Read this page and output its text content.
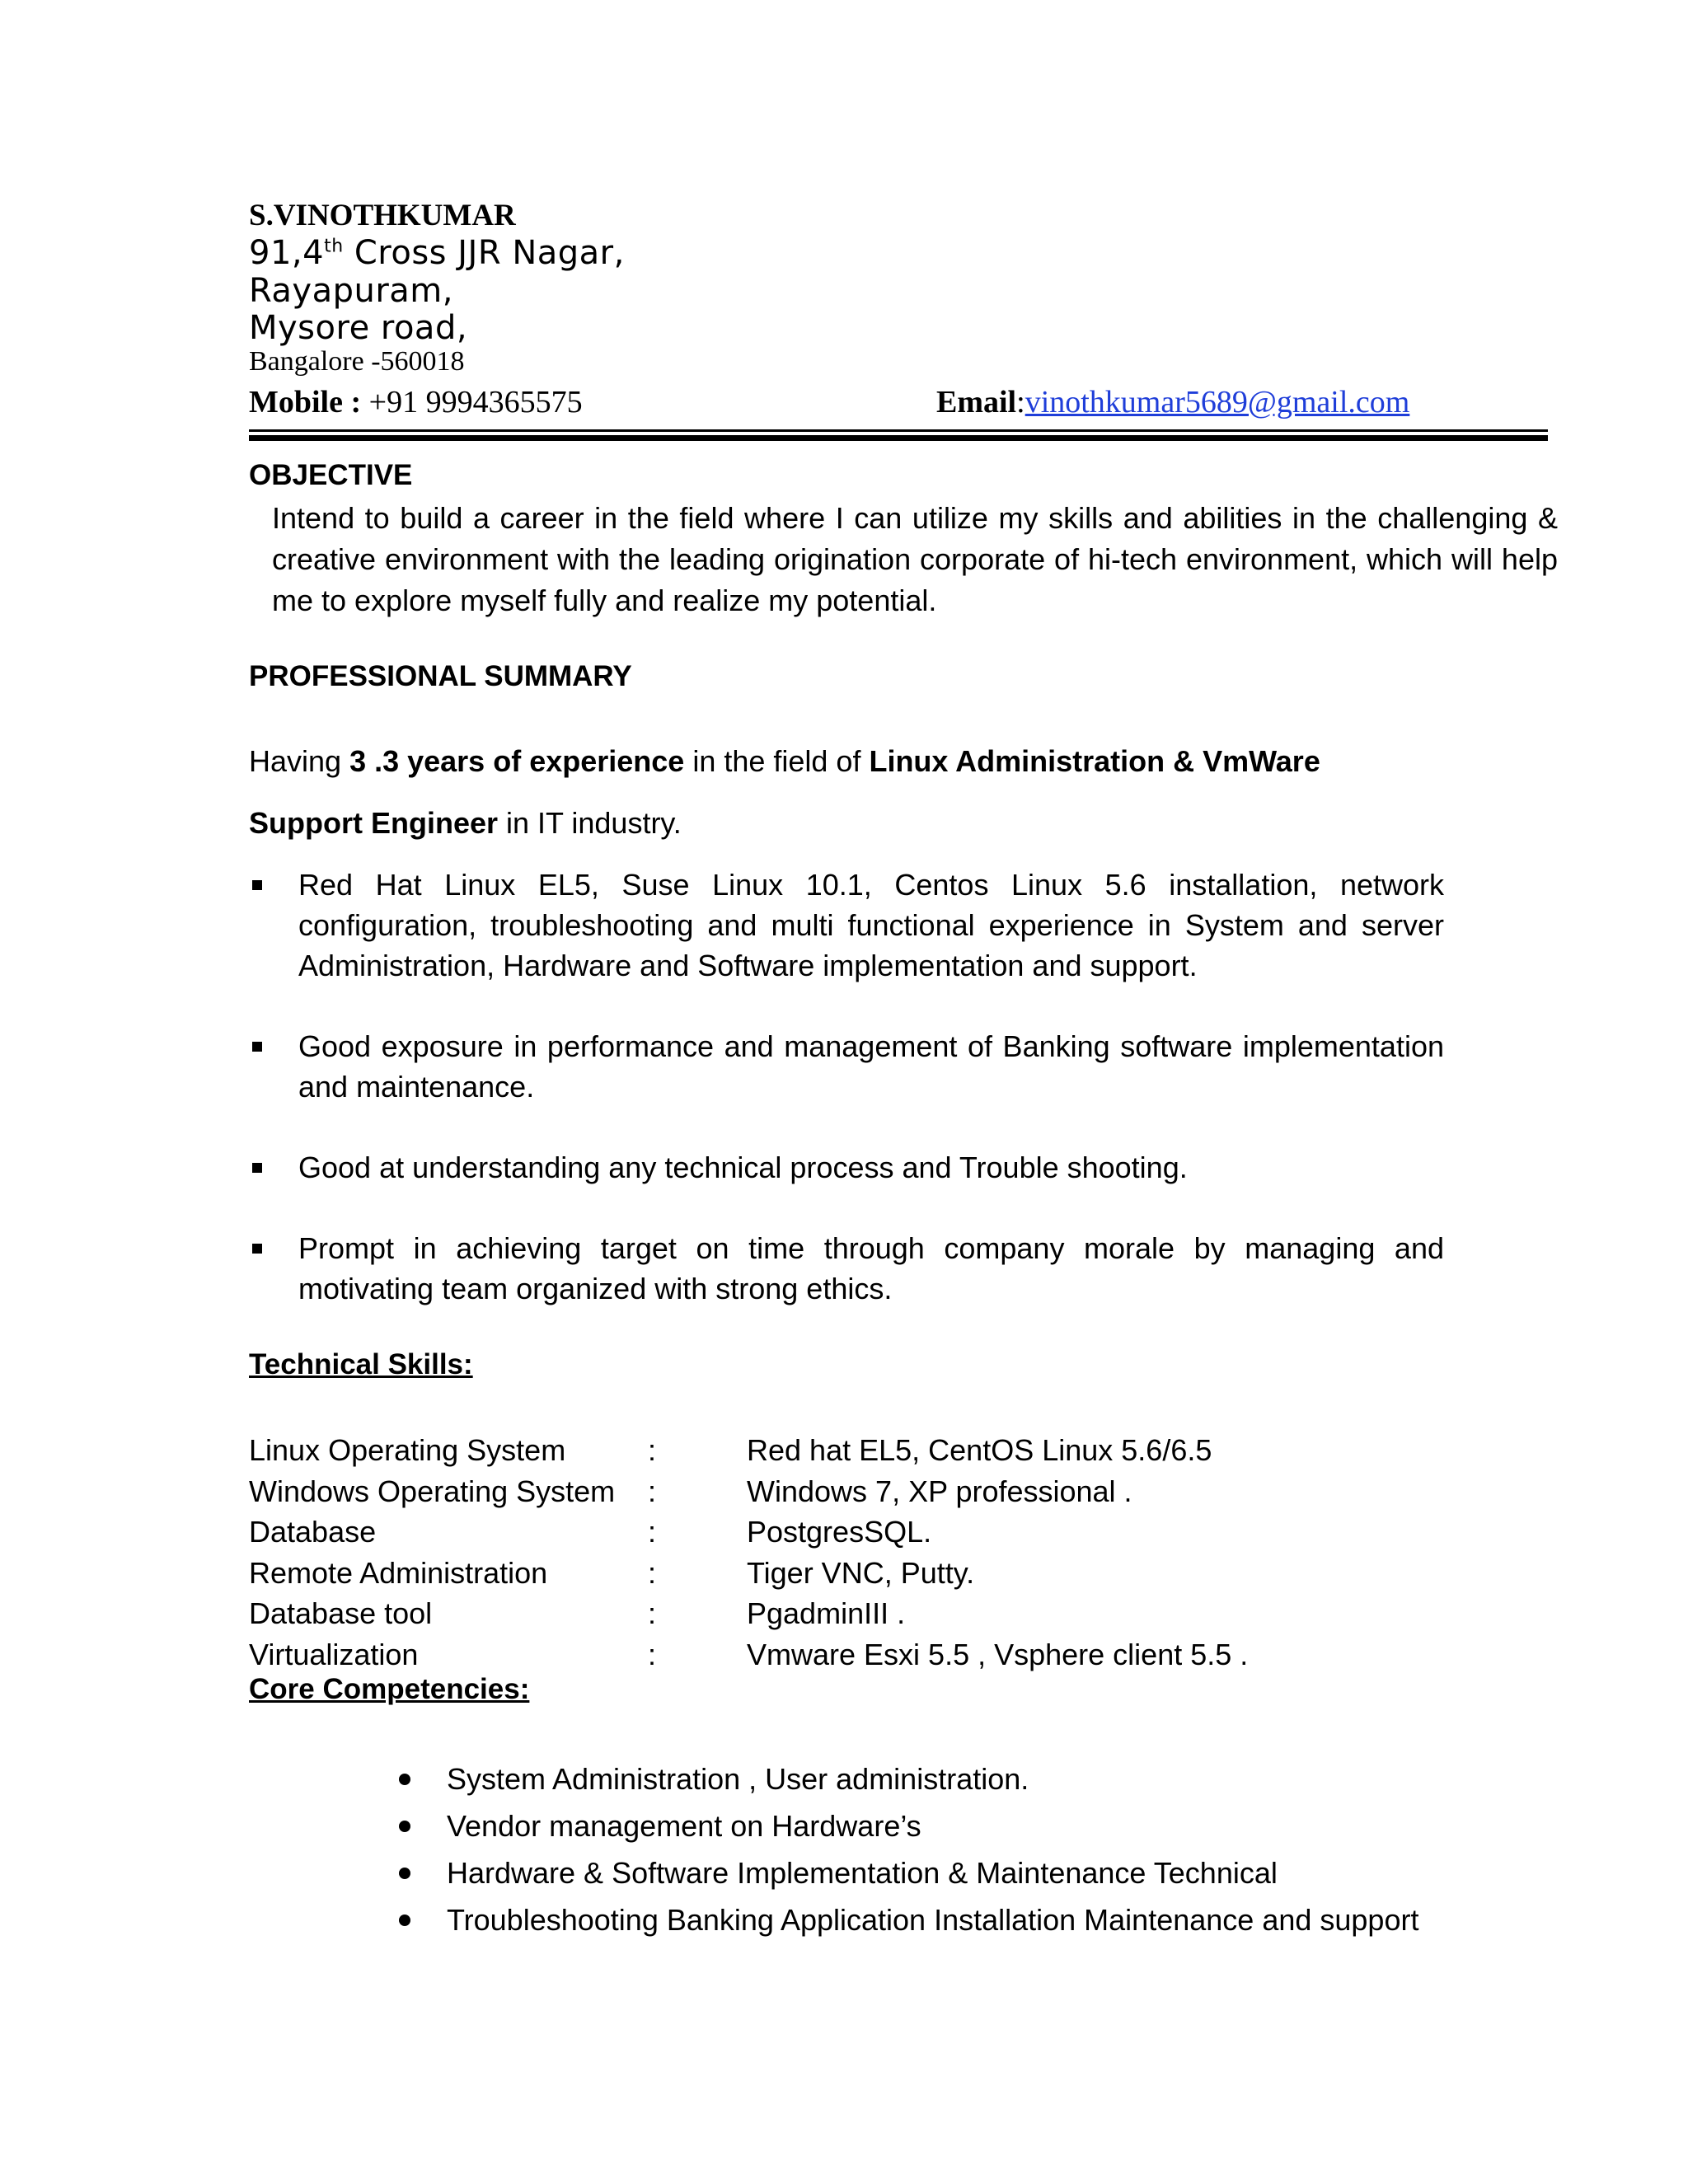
S.VINOTHKUMAR
91,4th Cross JJR Nagar,
Rayapuram,
Mysore road,
Bangalore -560018
Mobile : +91 9994365575	Email:vinothkumar5689@gmail.com
OBJECTIVE
Intend to build a career in the field where I can utilize my skills and abilities in the challenging & creative environment with the leading origination corporate of hi-tech environment, which will help me to explore myself fully and realize my potential.
PROFESSIONAL SUMMARY
Having 3 .3 years of experience in the field of Linux Administration & VmWare
Support Engineer in IT industry.
Red Hat Linux EL5, Suse Linux 10.1, Centos Linux 5.6 installation, network configuration, troubleshooting and multi functional experience in System and server Administration, Hardware and Software implementation and support.
Good exposure in performance and management of Banking software implementation and maintenance.
Good at understanding any technical process and Trouble shooting.
Prompt in achieving target on time through company morale by managing and motivating team organized with strong ethics.
Technical Skills:
Linux Operating System	:	Red hat EL5, CentOS Linux 5.6/6.5
Windows Operating System :	Windows 7, XP professional .
Database	:	PostgresSQL.
Remote Administration	:	Tiger VNC, Putty.
Database tool	:	PgadminIII .
Virtualization	:	Vmware Esxi 5.5 , Vsphere client 5.5 .
Core Competencies:
System Administration , User administration.
Vendor management on Hardware’s
Hardware & Software Implementation & Maintenance Technical
Troubleshooting Banking Application Installation Maintenance and support
